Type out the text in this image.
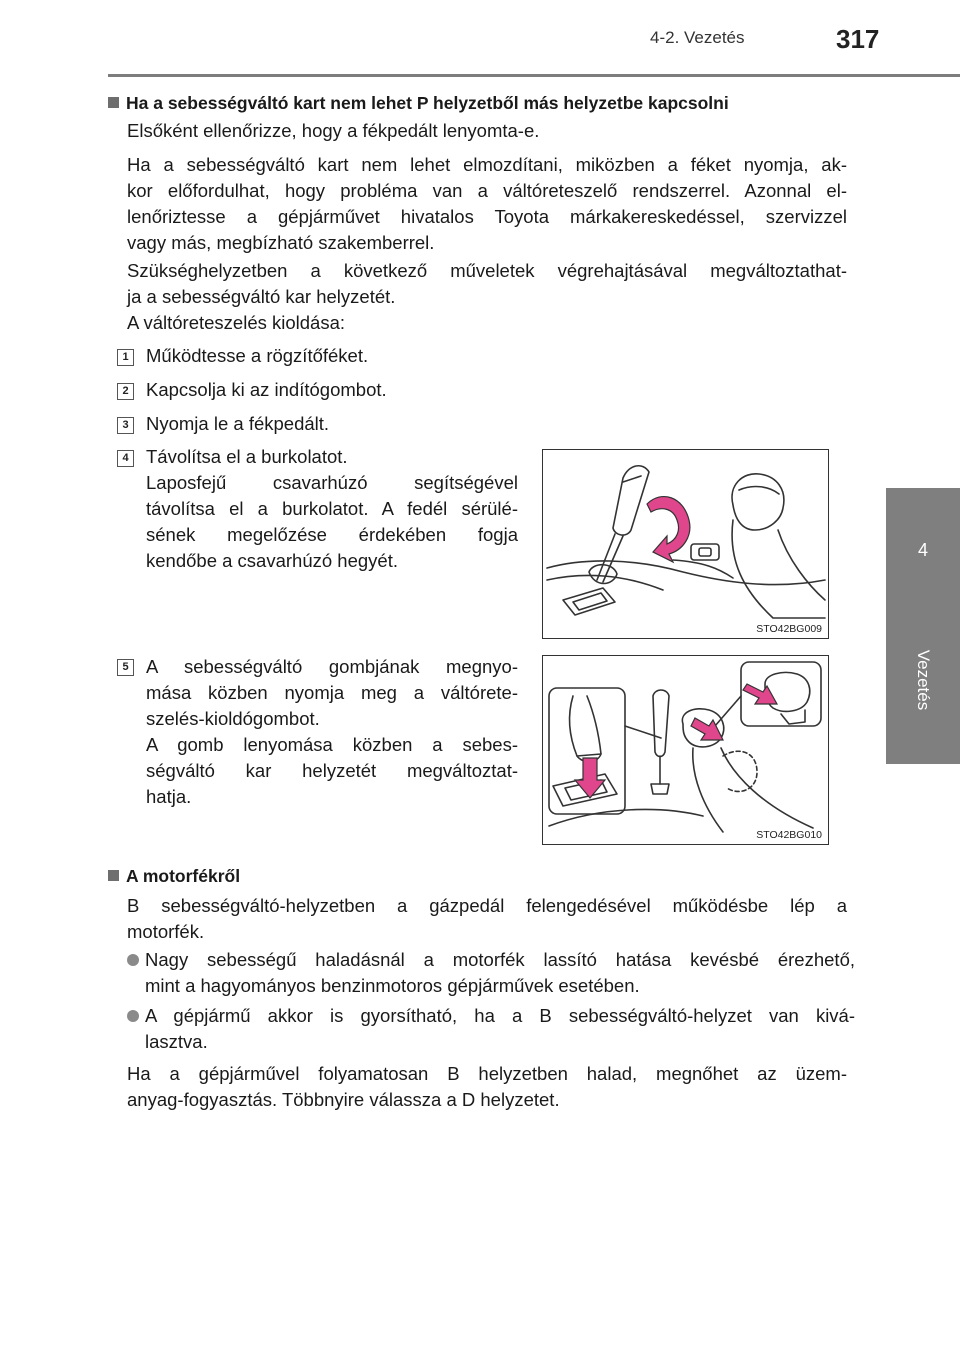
4-2. Vezetés	317
4
Vezetés
Ha a sebességváltó kart nem lehet P helyzetből más helyzetbe kapcsolni
Elsőként ellenőrizze, hogy a fékpedált lenyomta-e.
Ha a sebességváltó kart nem lehet elmozdítani, miközben a féket nyomja, ak-
kor előfordulhat, hogy probléma van a váltóreteszelő rendszerrel. Azonnal el-
lenőriztesse a gépjárművet hivatalos Toyota márkakereskedéssel, szervizzel
vagy más, megbízható szakemberrel.
Szükséghelyzetben a következő műveletek végrehajtásával megváltoztathat-
ja a sebességváltó kar helyzetét.
A váltóreteszelés kioldása:
1 Működtesse a rögzítőféket.
2 Kapcsolja ki az indítógombot.
3 Nyomja le a fékpedált.
4 Távolítsa el a burkolatot.
Laposfejű csavarhúzó segítségével
távolítsa el a burkolatot. A fedél sérülé-
sének megelőzése érdekében fogja
kendőbe a csavarhúzó hegyét.
STO42BG009
5 A sebességváltó gombjának megnyo-
mása közben nyomja meg a váltórete-
szelés-kioldógombot.
A gomb lenyomása közben a sebes-
ségváltó kar helyzetét megváltoztat-
hatja.
STO42BG010
A motorfékről
B sebességváltó-helyzetben a gázpedál felengedésével működésbe lép a
motorfék.
Nagy sebességű haladásnál a motorfék lassító hatása kevésbé érezhető,
mint a hagyományos benzinmotoros gépjárművek esetében.
A gépjármű akkor is gyorsítható, ha a B sebességváltó-helyzet van kivá-
lasztva.
Ha a gépjárművel folyamatosan B helyzetben halad, megnőhet az üzem-
anyag-fogyasztás. Többnyire válassza a D helyzetet.
